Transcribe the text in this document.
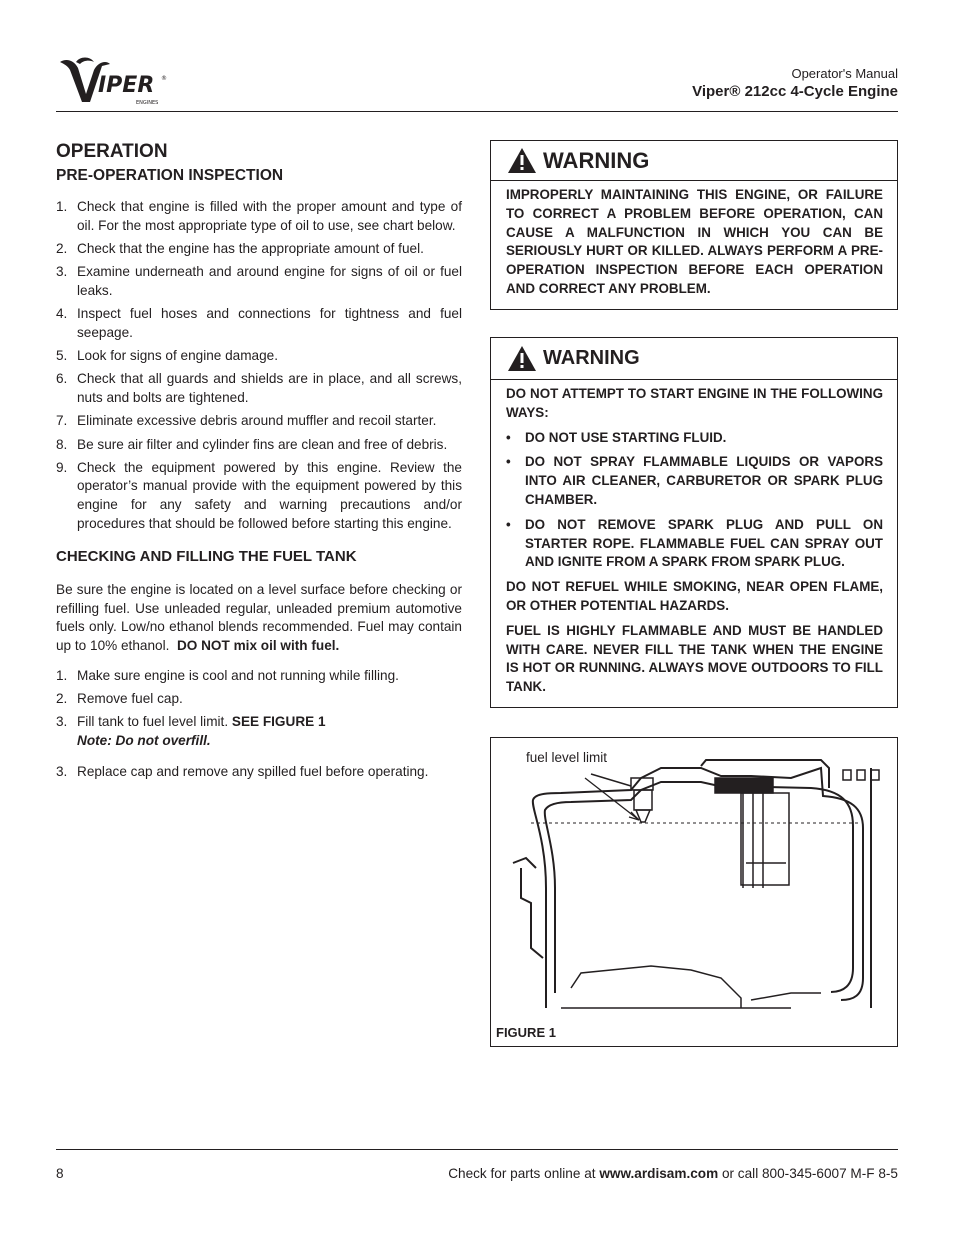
IPER
ENGINES
®	Operator's Manual
Viper® 212cc 4-Cycle Engine
OPERATION
PRE-OPERATION INSPECTION
1. Check that engine is filled with the proper amount and type of oil. For the most appropriate type of oil to use, see chart below.
2. Check that the engine has the appropriate amount of fuel.
3. Examine underneath and around engine for signs of oil or fuel leaks.
4. Inspect fuel hoses and connections for tightness and fuel seepage.
5. Look for signs of engine damage.
6. Check that all guards and shields are in place, and all screws, nuts and bolts are tightened.
7. Eliminate excessive debris around muffler and recoil starter.
8. Be sure air filter and cylinder fins are clean and free of debris.
9. Check the equipment powered by this engine. Review the operator’s manual provide with the equipment powered by this engine for any safety and warning precautions and/or procedures that should be followed before starting this engine.
CHECKING AND FILLING THE FUEL TANK
Be sure the engine is located on a level surface before checking or refilling fuel. Use unleaded regular, unleaded premium automotive fuels only. Low/no ethanol blends recommended. Fuel may contain up to 10% ethanol. DO NOT mix oil with fuel.
1. Make sure engine is cool and not running while filling.
2. Remove fuel cap.
3. Fill tank to fuel level limit. SEE FIGURE 1
Note: Do not overfill.
3. Replace cap and remove any spilled fuel before operating.
WARNING
IMPROPERLY MAINTAINING THIS ENGINE, OR FAILURE TO CORRECT A PROBLEM BEFORE OPERATION, CAN CAUSE A MALFUNCTION IN WHICH YOU CAN BE SERIOUSLY HURT OR KILLED. ALWAYS PERFORM A PRE-OPERATION INSPECTION BEFORE EACH OPERATION AND CORRECT ANY PROBLEM.
WARNING

DO NOT ATTEMPT TO START ENGINE IN THE FOLLOWING WAYS:

• DO NOT USE STARTING FLUID.
• DO NOT SPRAY FLAMMABLE LIQUIDS OR VAPORS INTO AIR CLEANER, CARBURETOR OR SPARK PLUG CHAMBER.
• DO NOT REMOVE SPARK PLUG AND PULL ON STARTER ROPE. FLAMMABLE FUEL CAN SPRAY OUT AND IGNITE FROM A SPARK FROM SPARK PLUG.

DO NOT REFUEL WHILE SMOKING, NEAR OPEN FLAME, OR OTHER POTENTIAL HAZARDS.

FUEL IS HIGHLY FLAMMABLE AND MUST BE HANDLED WITH CARE. NEVER FILL THE TANK WHEN THE ENGINE IS HOT OR RUNNING. ALWAYS MOVE OUTDOORS TO FILL TANK.

fuel level limit
FIGURE 1
8	Check for parts online at www.ardisam.com or call 800-345-6007 M-F 8-5
